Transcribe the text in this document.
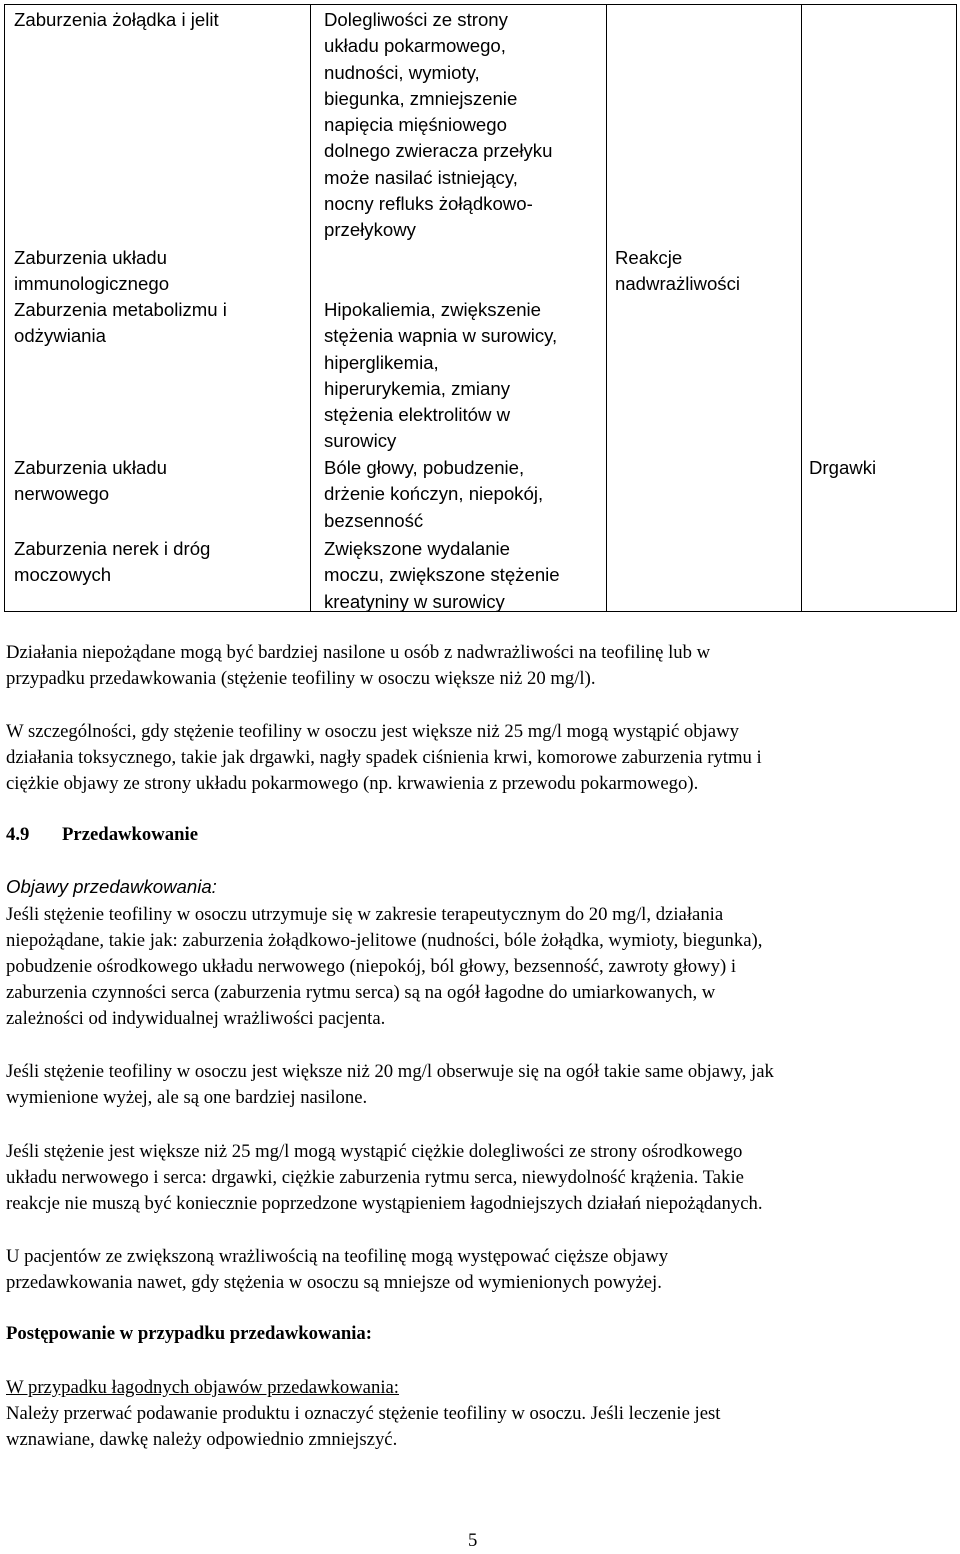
Zaburzenia żołądka i jelit
Zaburzenia układu
immunologicznego
Zaburzenia metabolizmu i
odżywiania
Zaburzenia układu
nerwowego
Zaburzenia nerek i dróg
moczowych
Dolegliwości ze strony
układu pokarmowego,
nudności, wymioty,
biegunka, zmniejszenie
napięcia mięśniowego
dolnego zwieracza przełyku
może nasilać istniejący,
nocny refluks żołądkowo-
przełykowy
Hipokaliemia, zwiększenie
stężenia wapnia w surowicy,
hiperglikemia,
hiperurykemia, zmiany
stężenia elektrolitów w
surowicy
Bóle głowy, pobudzenie,
drżenie kończyn, niepokój,
bezsenność
Zwiększone wydalanie
moczu, zwiększone stężenie
kreatyniny w surowicy
Reakcje
nadwrażliwości
Drgawki
Działania niepożądane mogą być bardziej nasilone u osób z nadwrażliwości na teofilinę lub w
przypadku przedawkowania (stężenie teofiliny w osoczu większe niż 20 mg/l).
W szczególności, gdy stężenie teofiliny w osoczu jest większe niż 25 mg/l mogą wystąpić objawy
działania toksycznego, takie jak drgawki, nagły spadek ciśnienia krwi, komorowe zaburzenia rytmu i
ciężkie objawy ze strony układu pokarmowego (np. krwawienia z przewodu pokarmowego).
4.9 Przedawkowanie
Objawy przedawkowania:
Jeśli stężenie teofiliny w osoczu utrzymuje się w zakresie terapeutycznym do 20 mg/l, działania
niepożądane, takie jak: zaburzenia żołądkowo-jelitowe (nudności, bóle żołądka, wymioty, biegunka),
pobudzenie ośrodkowego układu nerwowego (niepokój, ból głowy, bezsenność, zawroty głowy) i
zaburzenia czynności serca (zaburzenia rytmu serca) są na ogół łagodne do umiarkowanych, w
zależności od indywidualnej wrażliwości pacjenta.
Jeśli stężenie teofiliny w osoczu jest większe niż 20 mg/l obserwuje się na ogół takie same objawy, jak
wymienione wyżej, ale są one bardziej nasilone.
Jeśli stężenie jest większe niż 25 mg/l mogą wystąpić ciężkie dolegliwości ze strony ośrodkowego
układu nerwowego i serca: drgawki, ciężkie zaburzenia rytmu serca, niewydolność krążenia. Takie
reakcje nie muszą być koniecznie poprzedzone wystąpieniem łagodniejszych działań niepożądanych.
U pacjentów ze zwiększoną wrażliwością na teofilinę mogą występować cięższe objawy
przedawkowania nawet, gdy stężenia w osoczu są mniejsze od wymienionych powyżej.
Postępowanie w przypadku przedawkowania:
W przypadku łagodnych objawów przedawkowania:
Należy przerwać podawanie produktu i oznaczyć stężenie teofiliny w osoczu. Jeśli leczenie jest
wznawiane, dawkę należy odpowiednio zmniejszyć.
5
